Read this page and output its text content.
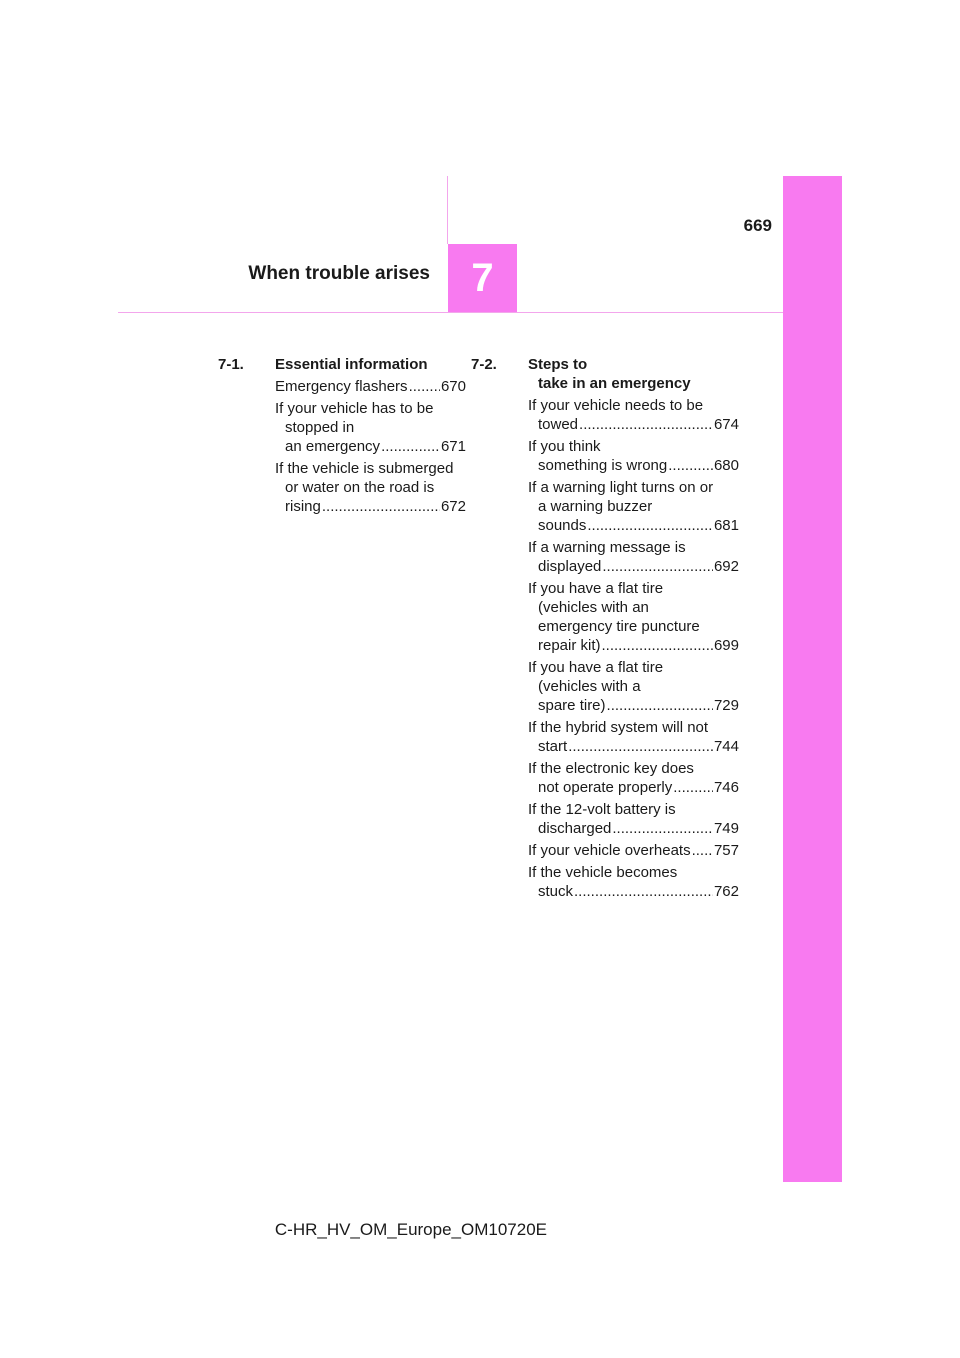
7
669
When trouble arises
7-1.	Essential information
Emergency flashers ..... 670
If your vehicle has to be
stopped in
an emergency .....	671
If the vehicle is submerged
or water on the road is
rising .....	672
7-2.	Steps to

take in an emergency
If your vehicle needs to be
towed .....	674
If you think
something is wrong .....	680
If a warning light turns on or
a warning buzzer
sounds .....	681
If a warning message is
displayed .....	692
If you have a flat tire
(vehicles with an
emergency tire puncture
repair kit) .....	699
If you have a flat tire
(vehicles with a
spare tire) .....	729
If the hybrid system will not
start .....	744
If the electronic key does
not operate properly .....	746
If the 12-volt battery is
discharged .....	749
If your vehicle overheats ..... 757
If the vehicle becomes
stuck .....	762
C-HR_HV_OM_Europe_OM10720E
